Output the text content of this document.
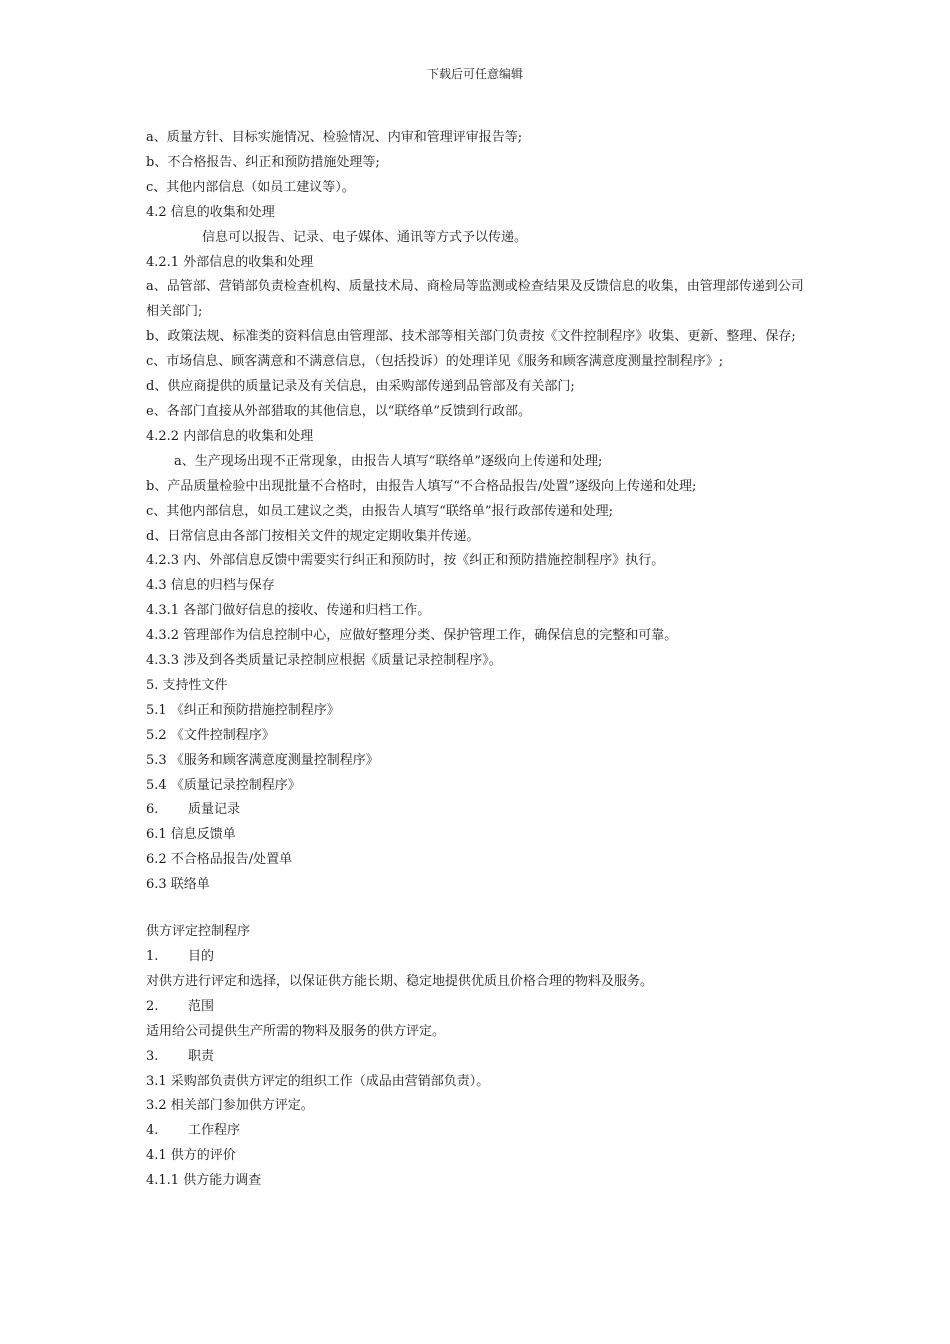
下载后可任意编辑
a、质量方针、目标实施情况、检验情况、内审和管理评审报告等;
b、不合格报告、纠正和预防措施处理等;
c、其他内部信息（如员工建议等）。
4.2 信息的收集和处理
信息可以报告、记录、电子媒体、通讯等方式予以传递。
4.2.1 外部信息的收集和处理
a、品管部、营销部负责检查机构、质量技术局、商检局等监测或检查结果及反馈信息的收集，由管理部传递到公司相关部门;
b、政策法规、标准类的资料信息由管理部、技术部等相关部门负责按《文件控制程序》收集、更新、整理、保存;
c、市场信息、顾客满意和不满意信息，（包括投诉）的处理详见《服务和顾客满意度测量控制程序》;
d、供应商提供的质量记录及有关信息，由采购部传递到品管部及有关部门;
e、各部门直接从外部猎取的其他信息，以“联络单”反馈到行政部。
4.2.2 内部信息的收集和处理
a、生产现场出现不正常现象，由报告人填写“联络单”逐级向上传递和处理;
b、产品质量检验中出现批量不合格时，由报告人填写“不合格品报告/处置”逐级向上传递和处理;
c、其他内部信息，如员工建议之类，由报告人填写“联络单”报行政部传递和处理;
d、日常信息由各部门按相关文件的规定定期收集并传递。
4.2.3 内、外部信息反馈中需要实行纠正和预防时，按《纠正和预防措施控制程序》执行。
4.3 信息的归档与保存
4.3.1 各部门做好信息的接收、传递和归档工作。
4.3.2 管理部作为信息控制中心，应做好整理分类、保护管理工作，确保信息的完整和可靠。
4.3.3 涉及到各类质量记录控制应根据《质量记录控制程序》。
5. 支持性文件
5.1 《纠正和预防措施控制程序》
5.2 《文件控制程序》
5.3 《服务和顾客满意度测量控制程序》
5.4 《质量记录控制程序》
6. 质量记录
6.1 信息反馈单
6.2 不合格品报告/处置单
6.3 联络单
供方评定控制程序
1. 目的
对供方进行评定和选择，以保证供方能长期、稳定地提供优质且价格合理的物料及服务。
2. 范围
适用给公司提供生产所需的物料及服务的供方评定。
3. 职责
3.1 采购部负责供方评定的组织工作（成品由营销部负责）。
3.2 相关部门参加供方评定。
4. 工作程序
4.1 供方的评价
4.1.1 供方能力调查
